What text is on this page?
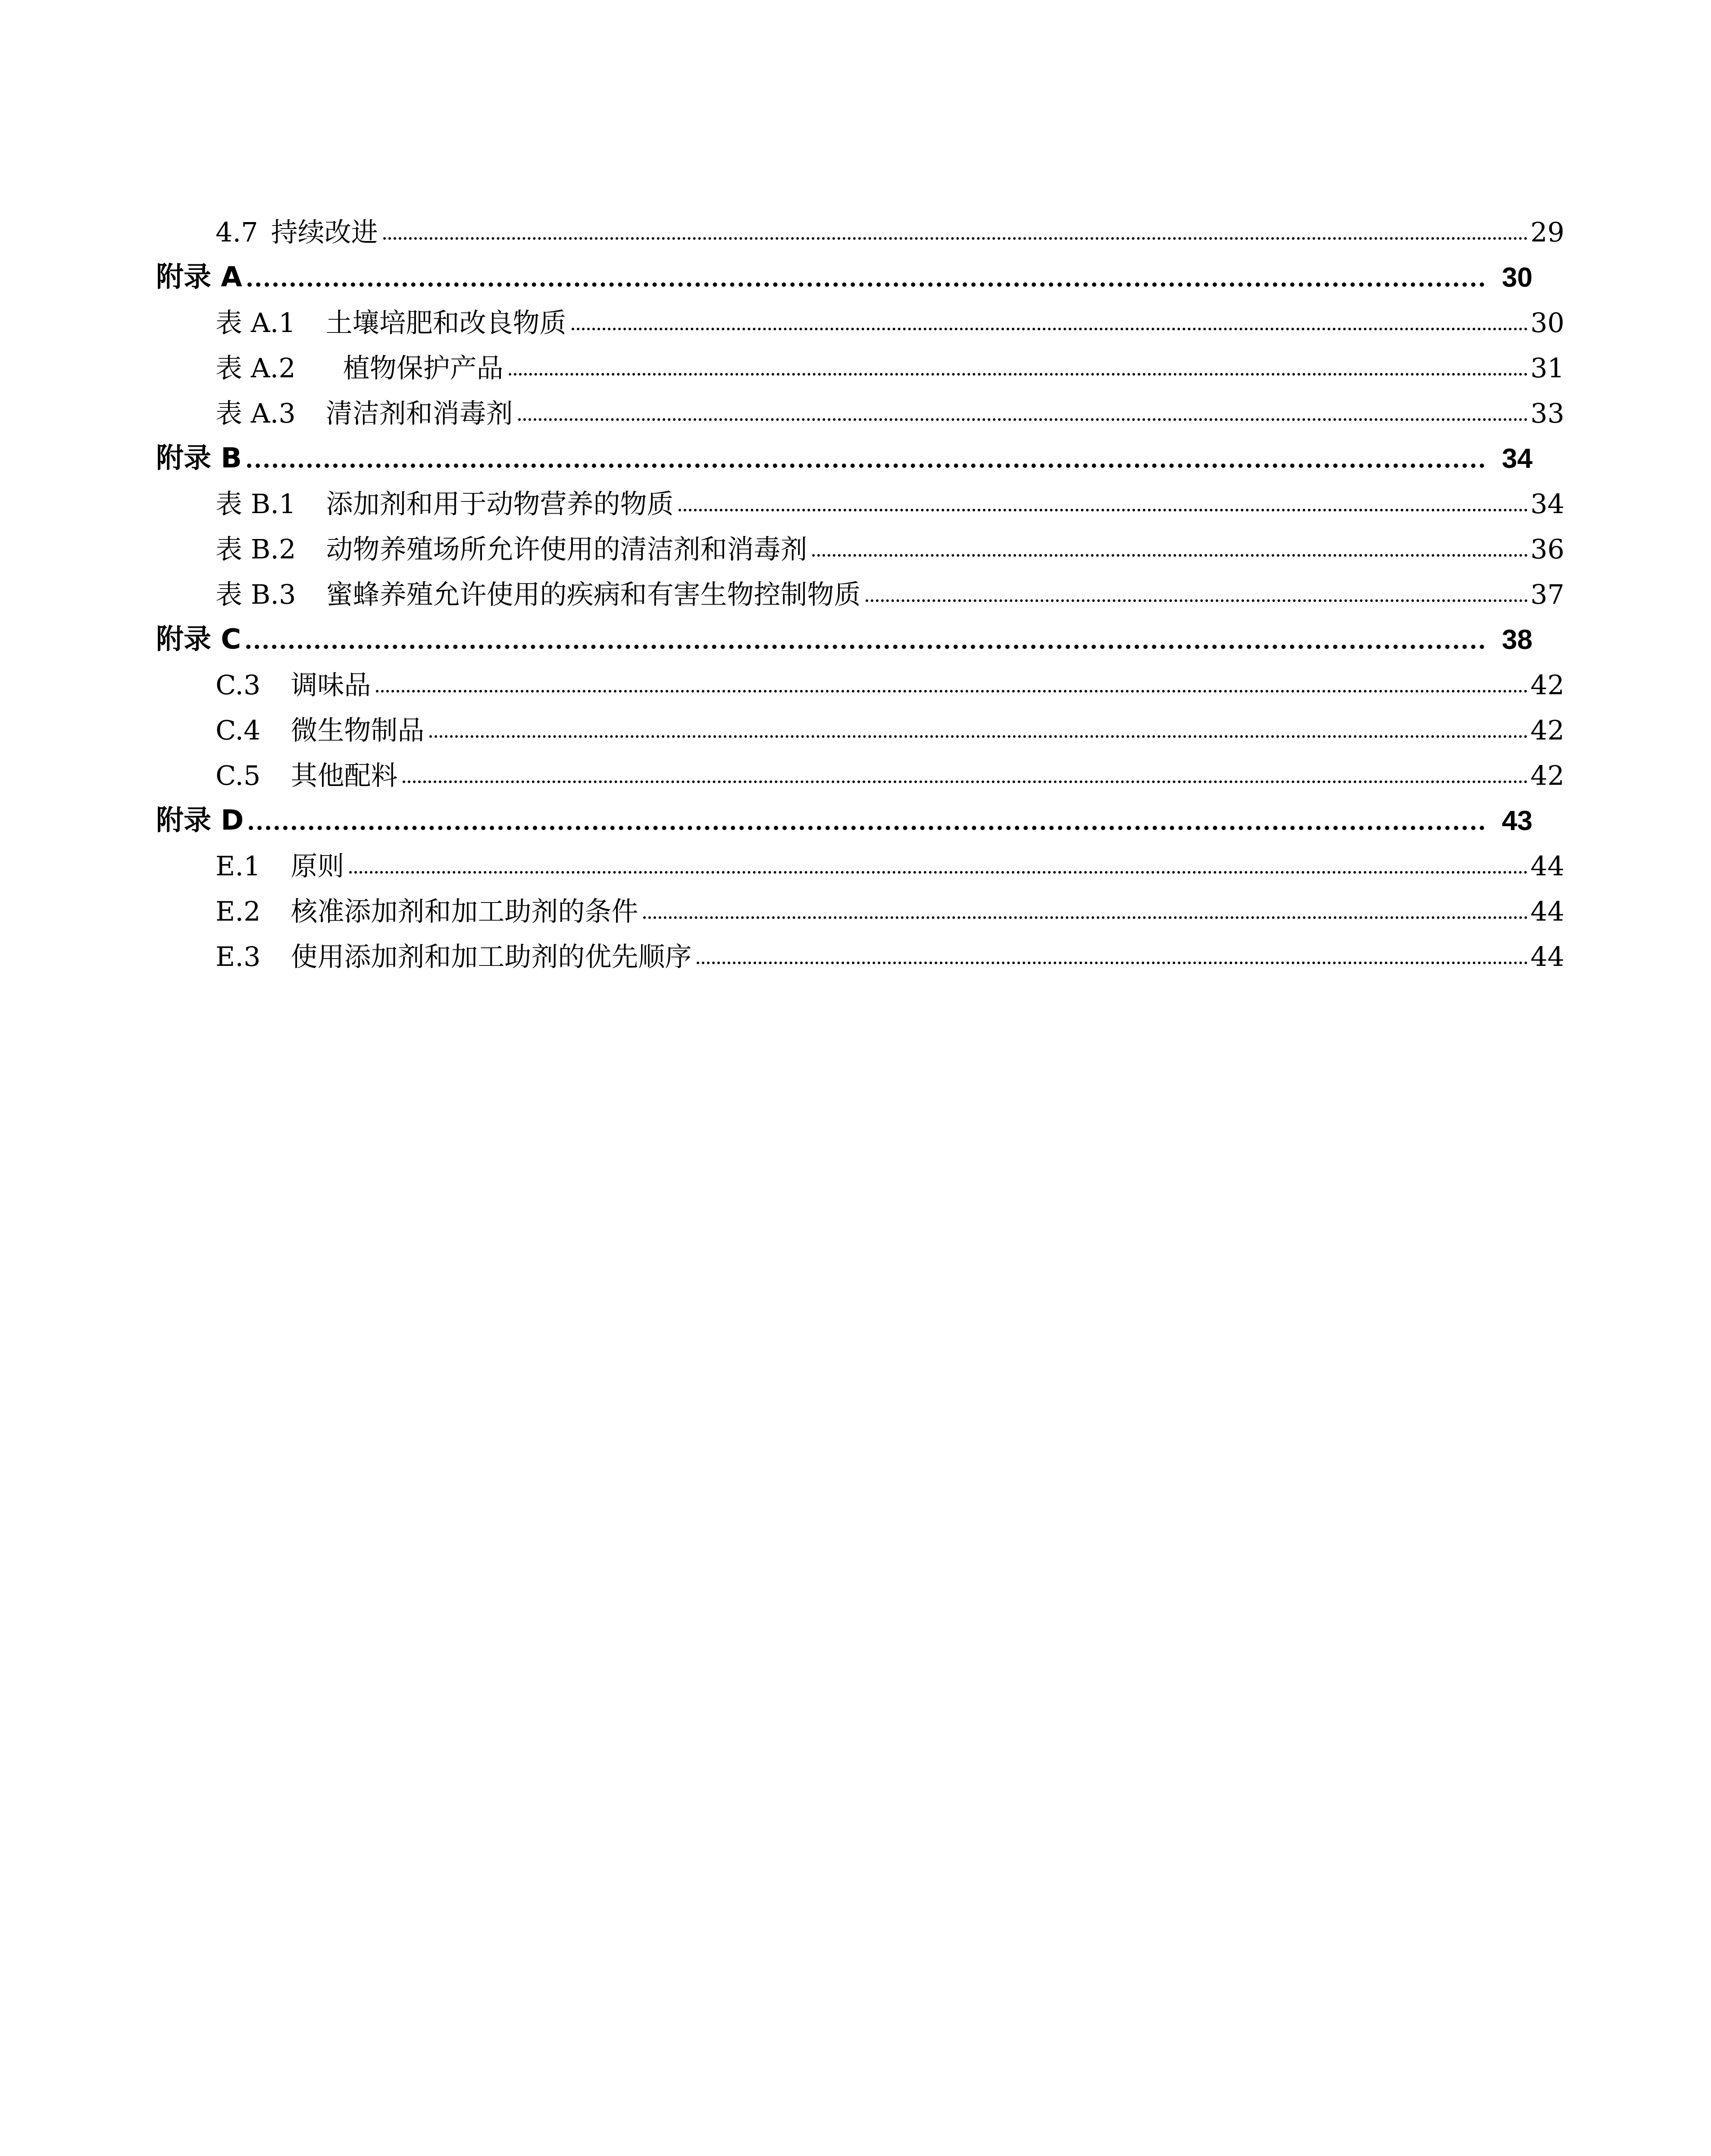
4.7 持续改进	29
附录 A	30
表 A.1 土壤培肥和改良物质	30
表 A.2 植物保护产品	31
表 A.3 清洁剂和消毒剂	33
附录 B	34
表 B.1 添加剂和用于动物营养的物质	34
表 B.2 动物养殖场所允许使用的清洁剂和消毒剂	36
表 B.3 蜜蜂养殖允许使用的疾病和有害生物控制物质	37
附录 C	38
C.3 调味品	42
C.4 微生物制品	42
C.5 其他配料	42
附录 D	43
E.1 原则	44
E.2 核准添加剂和加工助剂的条件	44
E.3 使用添加剂和加工助剂的优先顺序	44
